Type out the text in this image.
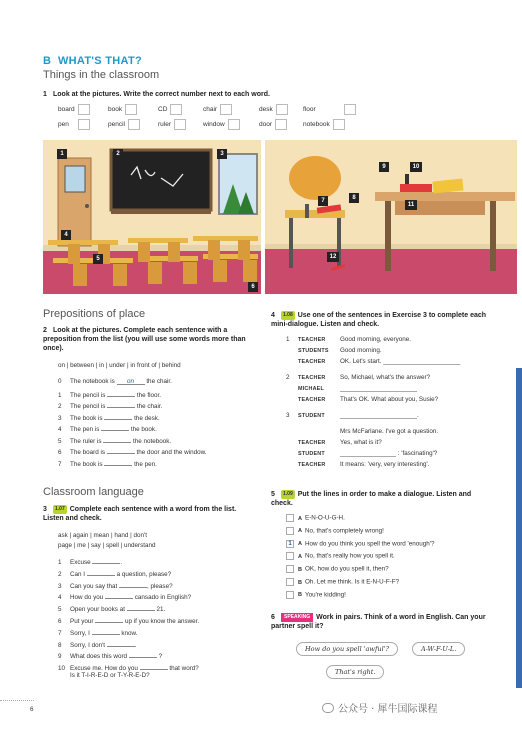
B WHAT'S THAT?
Things in the classroom
1 Look at the pictures. Write the correct number next to each word.
board	book	CD	chair	desk	floor
pen	pencil	ruler	window	door	notebook
1	2	3
4
5
6
7	8
9	10
11
12
Prepositions of place
2 Look at the pictures. Complete each sentence with a preposition from the list (you will use some words more than once).
on | between | in | under | in front of | behind
0 The notebook is on the chair.
1 The pencil is	the floor.
2 The pencil is	the chair.
3 The book is	the desk.
4 The pen is	the book.
5 The ruler is	the notebook.
6 The board is	the door and the window.
7 The book is	the pen.
Classroom language
3 1.07 Complete each sentence with a word from the list. Listen and check.
ask | again | mean | hand | don't
page | me | say | spell | understand
1 Excuse	.
2 Can I	a question, please?
3 Can you say that	, please?
4 How do you	cansado in English?
5 Open your books at	21.
6 Put your	up if you know the answer.
7 Sorry, I	know.
8 Sorry, I don't	.
9 What does this word	?
10 Excuse me. How do you	that word?
Is it T-I-R-E-D or T-Y-R-E-D?
4 1.08 Use one of the sentences in Exercise 3 to complete each mini-dialogue. Listen and check.
1 TEACHER Good morning, everyone.
STUDENTS Good morning.
TEACHER OK. Let's start. ______________________
2 TEACHER So, Michael, what's the answer?
MICHAEL	______________________
TEACHER That's OK. What about you, Susie?
3 STUDENT ______________________.
Mrs McFarlane. I've got a question.
TEACHER Yes, what is it?
STUDENT ________________ : 'fascinating'?
TEACHER It means: 'very, very interesting'.
5 1.09 Put the lines in order to make a dialogue. Listen and check.
A E-N-O-U-G-H.
A No, that's completely wrong!
1 A How do you think you spell the word 'enough'?
A No, that's really how you spell it.
B OK, how do you spell it, then?
B Oh. Let me think. Is it E-N-U-F-F?
B You're kidding!
6 SPEAKING Work in pairs. Think of a word in English. Can your partner spell it?
How do you spell 'awful'?	A-W-F-U-L.
That's right.
6	公众号 · 犀牛国际课程
